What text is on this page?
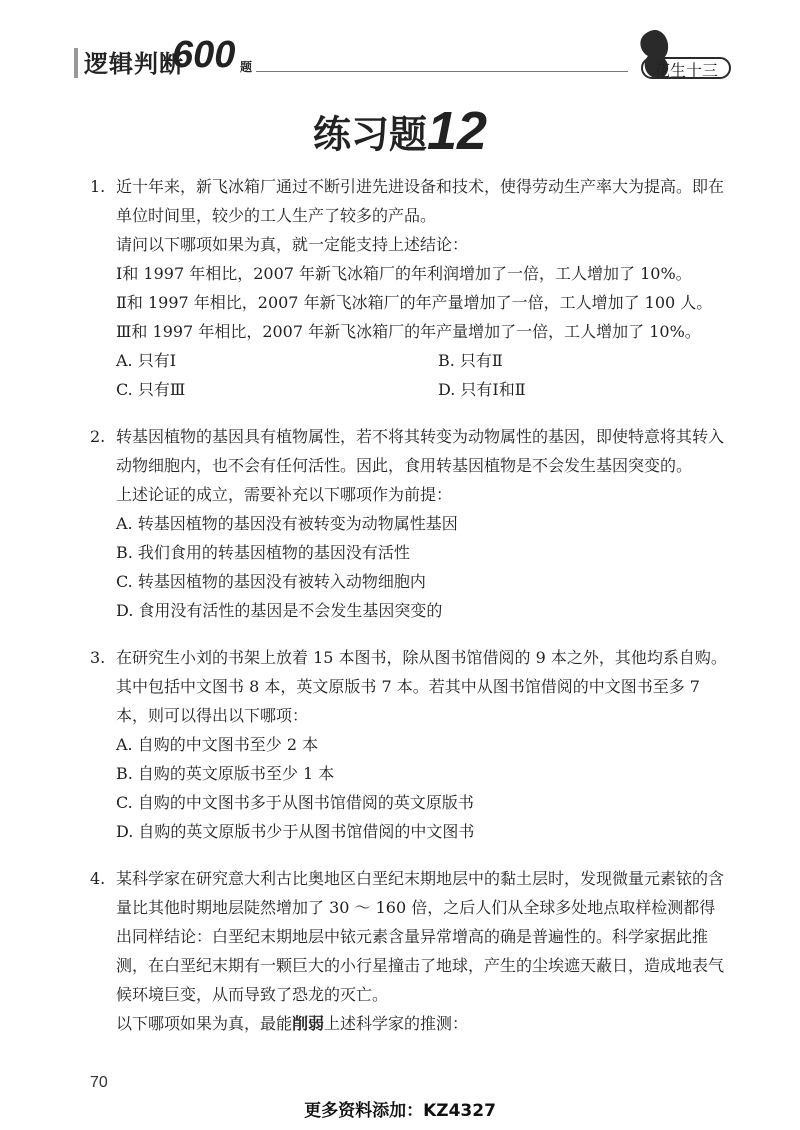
逻辑判断
600 题	花生十三
练习题12
1. 近十年来，新飞冰箱厂通过不断引进先进设备和技术，使得劳动生产率大为提高。即在单位时间里，较少的工人生产了较多的产品。
请问以下哪项如果为真，就一定能支持上述结论：
Ⅰ和 1997 年相比，2007 年新飞冰箱厂的年利润增加了一倍，工人增加了 10%。
Ⅱ和 1997 年相比，2007 年新飞冰箱厂的年产量增加了一倍，工人增加了 100 人。
Ⅲ和 1997 年相比，2007 年新飞冰箱厂的年产量增加了一倍，工人增加了 10%。
A. 只有Ⅰ	B. 只有Ⅱ
C. 只有Ⅲ	D. 只有Ⅰ和Ⅱ
2. 转基因植物的基因具有植物属性，若不将其转变为动物属性的基因，即使特意将其转入动物细胞内，也不会有任何活性。因此，食用转基因植物是不会发生基因突变的。
上述论证的成立，需要补充以下哪项作为前提：
A. 转基因植物的基因没有被转变为动物属性基因
B. 我们食用的转基因植物的基因没有活性
C. 转基因植物的基因没有被转入动物细胞内
D. 食用没有活性的基因是不会发生基因突变的
3. 在研究生小刘的书架上放着 15 本图书，除从图书馆借阅的 9 本之外，其他均系自购。其中包括中文图书 8 本，英文原版书 7 本。若其中从图书馆借阅的中文图书至多 7 本，则可以得出以下哪项：
A. 自购的中文图书至少 2 本
B. 自购的英文原版书至少 1 本
C. 自购的中文图书多于从图书馆借阅的英文原版书
D. 自购的英文原版书少于从图书馆借阅的中文图书
4. 某科学家在研究意大利古比奥地区白垩纪末期地层中的黏土层时，发现微量元素铱的含量比其他时期地层陡然增加了 30 ～ 160 倍，之后人们从全球多处地点取样检测都得出同样结论：白垩纪末期地层中铱元素含量异常增高的确是普遍性的。科学家据此推测，在白垩纪末期有一颗巨大的小行星撞击了地球，产生的尘埃遮天蔽日，造成地表气候环境巨变，从而导致了恐龙的灭亡。
以下哪项如果为真，最能削弱上述科学家的推测：
70
更多资料添加：KZ4327
